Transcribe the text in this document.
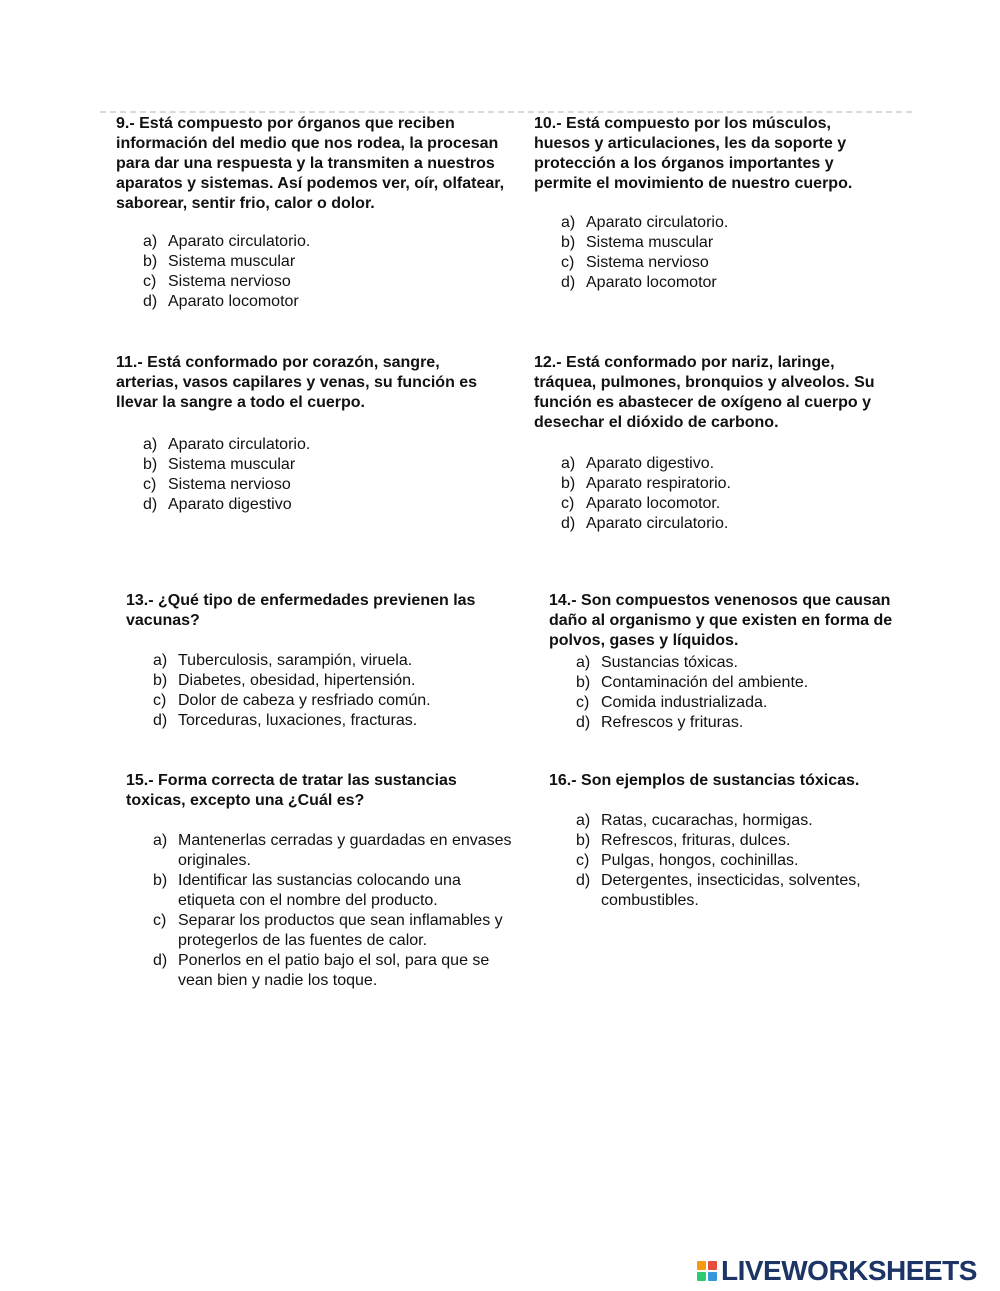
9.- Está compuesto por órganos que reciben información del medio que nos rodea, la procesan para dar una respuesta y la transmiten a nuestros aparatos y sistemas. Así podemos ver, oír, olfatear, saborear, sentir frio, calor o dolor.

a) Aparato circulatorio.
b) Sistema muscular
c) Sistema nervioso
d) Aparato locomotor

10.- Está compuesto por los músculos, huesos y articulaciones, les da soporte y protección a los órganos importantes y permite el movimiento de nuestro cuerpo.

a) Aparato circulatorio.
b) Sistema muscular
c) Sistema nervioso
d) Aparato locomotor

11.- Está conformado por corazón, sangre, arterias, vasos capilares y venas, su función es llevar la sangre a todo el cuerpo.

a) Aparato circulatorio.
b) Sistema muscular
c) Sistema nervioso
d) Aparato digestivo

12.- Está conformado por nariz, laringe, tráquea, pulmones, bronquios y alveolos. Su función es abastecer de oxígeno al cuerpo y desechar el dióxido de carbono.

a) Aparato digestivo.
b) Aparato respiratorio.
c) Aparato locomotor.
d) Aparato circulatorio.

13.- ¿Qué tipo de enfermedades previenen las vacunas?

a) Tuberculosis, sarampión, viruela.
b) Diabetes, obesidad, hipertensión.
c) Dolor de cabeza y resfriado común.
d) Torceduras, luxaciones, fracturas.

14.- Son compuestos venenosos que causan daño al organismo y que existen en forma de polvos, gases y líquidos.

a) Sustancias tóxicas.
b) Contaminación del ambiente.
c) Comida industrializada.
d) Refrescos y frituras.

15.- Forma correcta de tratar las sustancias toxicas, excepto una ¿Cuál es?

a) Mantenerlas cerradas y guardadas en envases originales.
b) Identificar las sustancias colocando una etiqueta con el nombre del producto.
c) Separar los productos que sean inflamables y protegerlos de las fuentes de calor.
d) Ponerlos en el patio bajo el sol, para que se vean bien y nadie los toque.

16.- Son ejemplos de sustancias tóxicas.

a) Ratas, cucarachas, hormigas.
b) Refrescos, frituras, dulces.
c) Pulgas, hongos, cochinillas.
d) Detergentes, insecticidas, solventes, combustibles.
LIVEWORKSHEETS
